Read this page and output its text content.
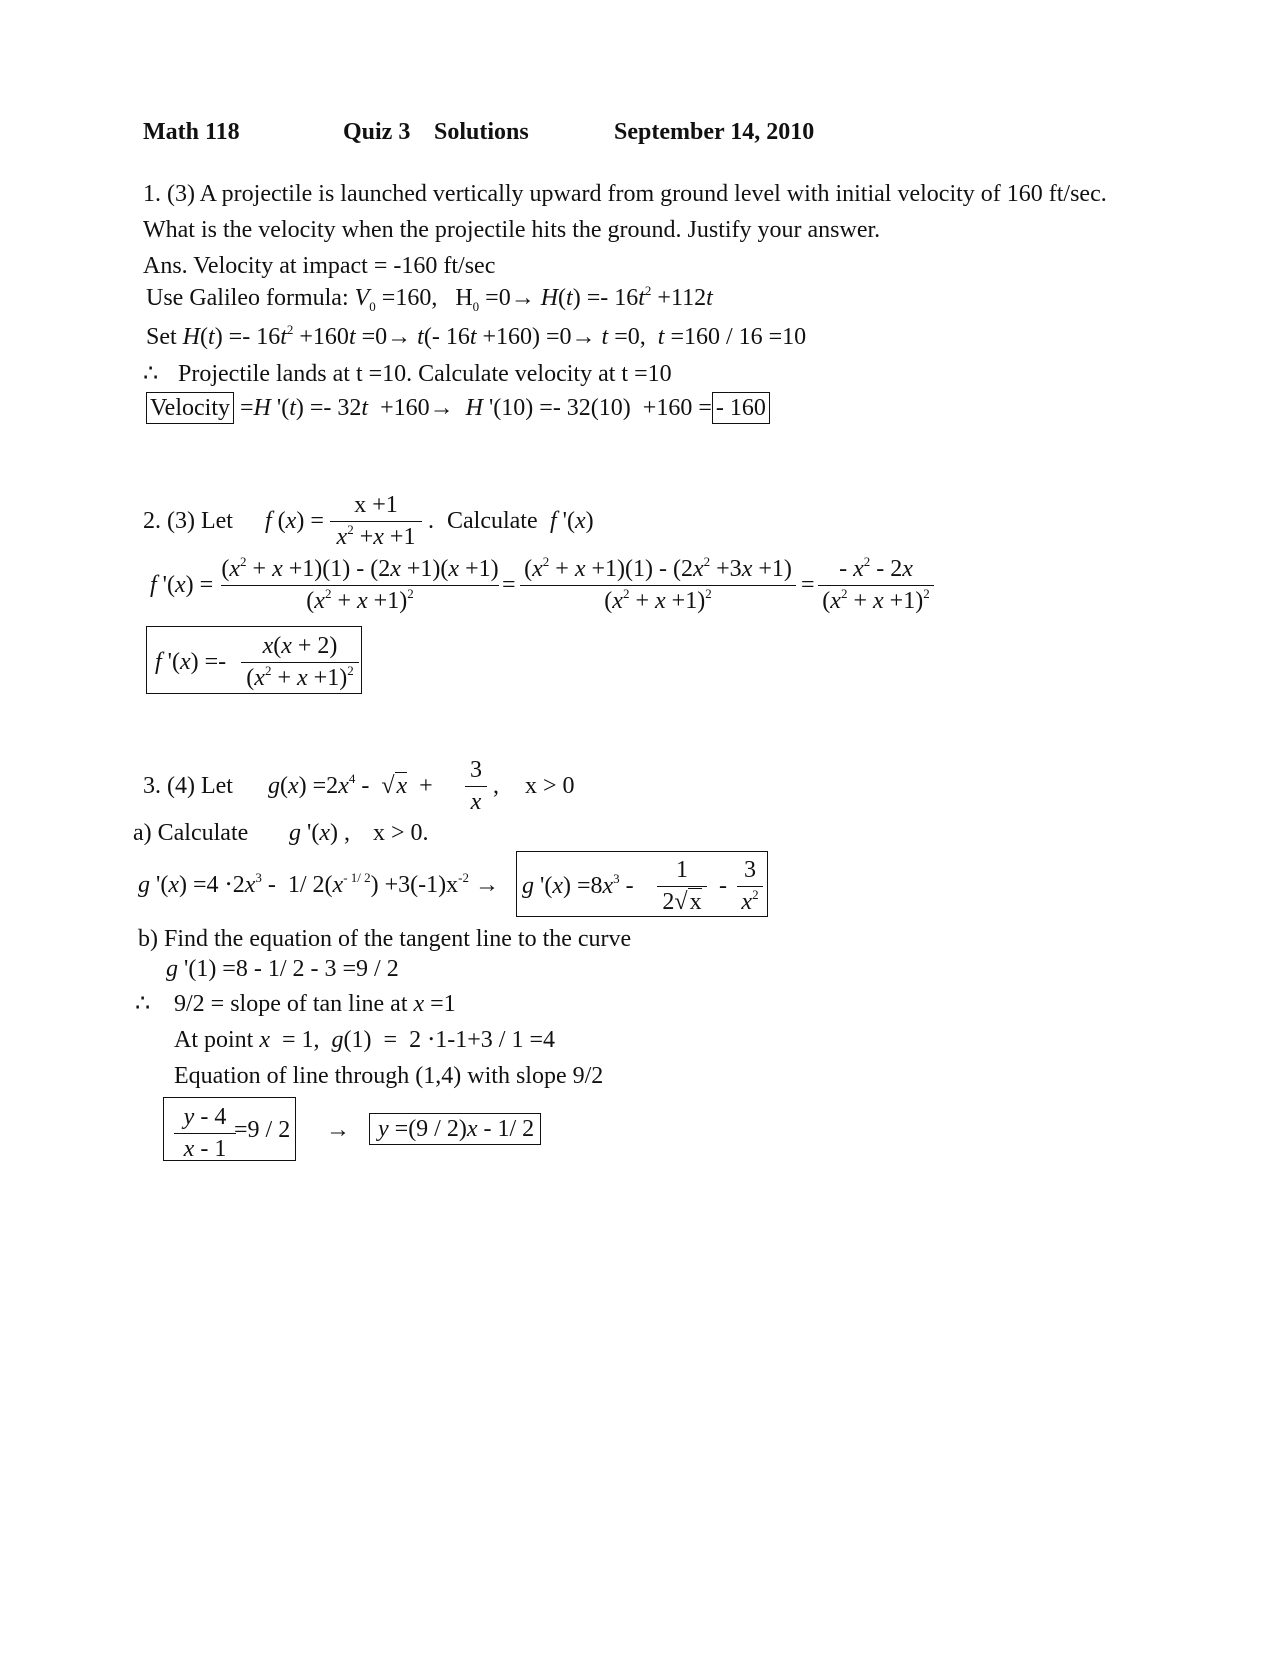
Math 118	Quiz 3 Solutions	September 14, 2010
1. (3) A projectile is launched vertically upward from ground level with initial velocity of 160 ft/sec.
What is the velocity when the projectile hits the ground. Justify your answer.
Ans. Velocity at impact = -160 ft/sec
Use Galileo formula: $V_0 =160$,   $H_0 =0\to H(t) =- 16t^2 +112t$
Set $H(t) =- 16t^2 +160t =0\to t(-$ 16t +160) =0→ t =0,  t =160 / 16 =10
∴ Projectile lands at t =10. Calculate velocity at t =10
Velocity =H '(t) =- 32t  +160→  H '(10) =- 32(10)  +160 = - 160
2. (3) Let f (x) =
x +1
$x^2 +x +1$
. Calculate f '(x)
f '(x) =
$(x^2 + x +1)(1) - (2x +1)(x +1)$
$(x^2 + x +1)^2$	=
$(x^2 + x +1)(1) - (2x^2 +3x +1)$
$(x^2 + x +1)^2$	=
- $x^2 - 2x$
$(x^2 + x +1)^2$
f '(x) =-
x(x + 2)
$(x^2 + x +1)^2$
3. (4) Let $g(x) =2x^4 - √x$  +
3
x
, x > 0
a) Calculate g '(x) , x > 0.
g '$(x) =4 \cdot 2x^3 - 1/$ $2(x^{- 1/ 2}) +3(-1)x^{-2} \to g$ '$(x) =8x^3$ -
1
2√x
-
3
$x^2$
b) Find the equation of the tangent line to the curve
g '(1) =8 - 1/ 2 - 3 =9 / 2
∴ 9/2 = slope of tan line at x =1
At point x  = 1,  g(1)  =  2 ⋅1-1+3 / 1 =4
Equation of line through (1,4) with slope 9/2
y - 4
x - 1
=9 / 2 →	y =(9 / 2)x - 1/ 2
